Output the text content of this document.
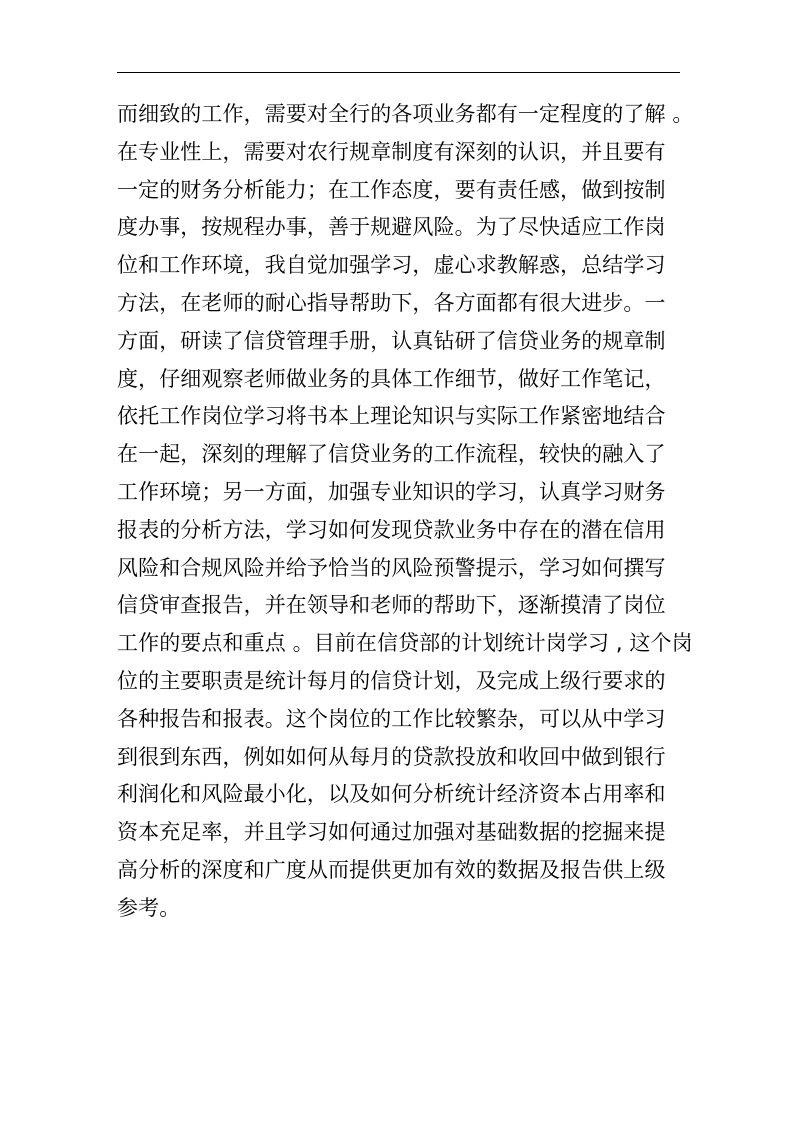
而细致的工作，需要对全行的各项业务都有一定程度的了解 。
在专业性上，需要对农行规章制度有深刻的认识，并且要有
一定的财务分析能力；在工作态度，要有责任感，做到按制
度办事，按规程办事，善于规避风险。为了尽快适应工作岗
位和工作环境，我自觉加强学习，虚心求教解惑，总结学习
方法，在老师的耐心指导帮助下，各方面都有很大进步。一
方面，研读了信贷管理手册，认真钻研了信贷业务的规章制
度，仔细观察老师做业务的具体工作细节，做好工作笔记，
依托工作岗位学习将书本上理论知识与实际工作紧密地结合
在一起，深刻的理解了信贷业务的工作流程，较快的融入了
工作环境；另一方面，加强专业知识的学习，认真学习财务
报表的分析方法，学习如何发现贷款业务中存在的潜在信用
风险和合规风险并给予恰当的风险预警提示，学习如何撰写
信贷审查报告，并在领导和老师的帮助下，逐渐摸清了岗位
工作的要点和重点 。目前在信贷部的计划统计岗学习 , 这个岗
位的主要职责是统计每月的信贷计划，及完成上级行要求的
各种报告和报表。这个岗位的工作比较繁杂，可以从中学习
到很到东西，例如如何从每月的贷款投放和收回中做到银行
利润化和风险最小化，以及如何分析统计经济资本占用率和
资本充足率，并且学习如何通过加强对基础数据的挖掘来提
高分析的深度和广度从而提供更加有效的数据及报告供上级
参考。
